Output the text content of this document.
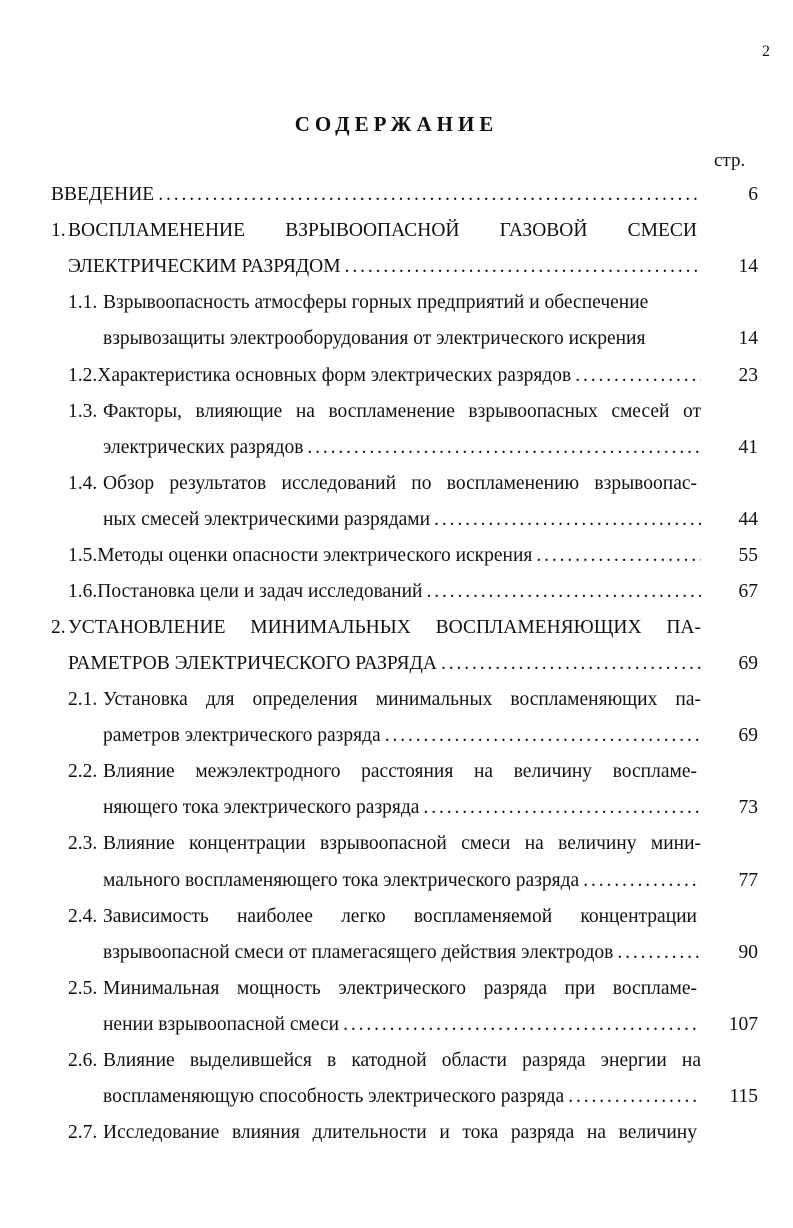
2
СОДЕРЖАНИЕ
стр.
ВВЕДЕНИЕ . . .	6
1. ВОСПЛАМЕНЕНИЕ ВЗРЫВООПАСНОЙ ГАЗОВОЙ СМЕСИ
ЭЛЕКТРИЧЕСКИМ РАЗРЯДОМ . . .	14
1.1. Взрывоопасность атмосферы горных предприятий и обеспечение
взрывозащиты электрооборудования от электрического искрения	14
1.2. Характеристика основных форм электрических разрядов . . .	23
1.3. Факторы, влияющие на воспламенение взрывоопасных смесей от
электрических разрядов . . .	41
1.4. Обзор результатов исследований по воспламенению взрывоопас-
ных смесей электрическими разрядами . . .	44
1.5. Методы оценки опасности электрического искрения . . .	55
1.6. Постановка цели и задач исследований . . .	67
2. УСТАНОВЛЕНИЕ МИНИМАЛЬНЫХ ВОСПЛАМЕНЯЮЩИХ ПА-
РАМЕТРОВ ЭЛЕКТРИЧЕСКОГО РАЗРЯДА . . .	69
2.1. Установка для определения минимальных воспламеняющих па-
раметров электрического разряда . . .	69
2.2. Влияние межэлектродного расстояния на величину воспламе-
няющего тока электрического разряда . . .	73
2.3. Влияние концентрации взрывоопасной смеси на величину мини-
мального воспламеняющего тока электрического разряда . . .	77
2.4. Зависимость наиболее легко воспламеняемой концентрации
взрывоопасной смеси от пламегасящего действия электродов . . .	90
2.5. Минимальная мощность электрического разряда при воспламе-
нении взрывоопасной смеси . . .	107
2.6. Влияние выделившейся в катодной области разряда энергии на
воспламеняющую способность электрического разряда . . .	115
2.7. Исследование влияния длительности и тока разряда на величину
